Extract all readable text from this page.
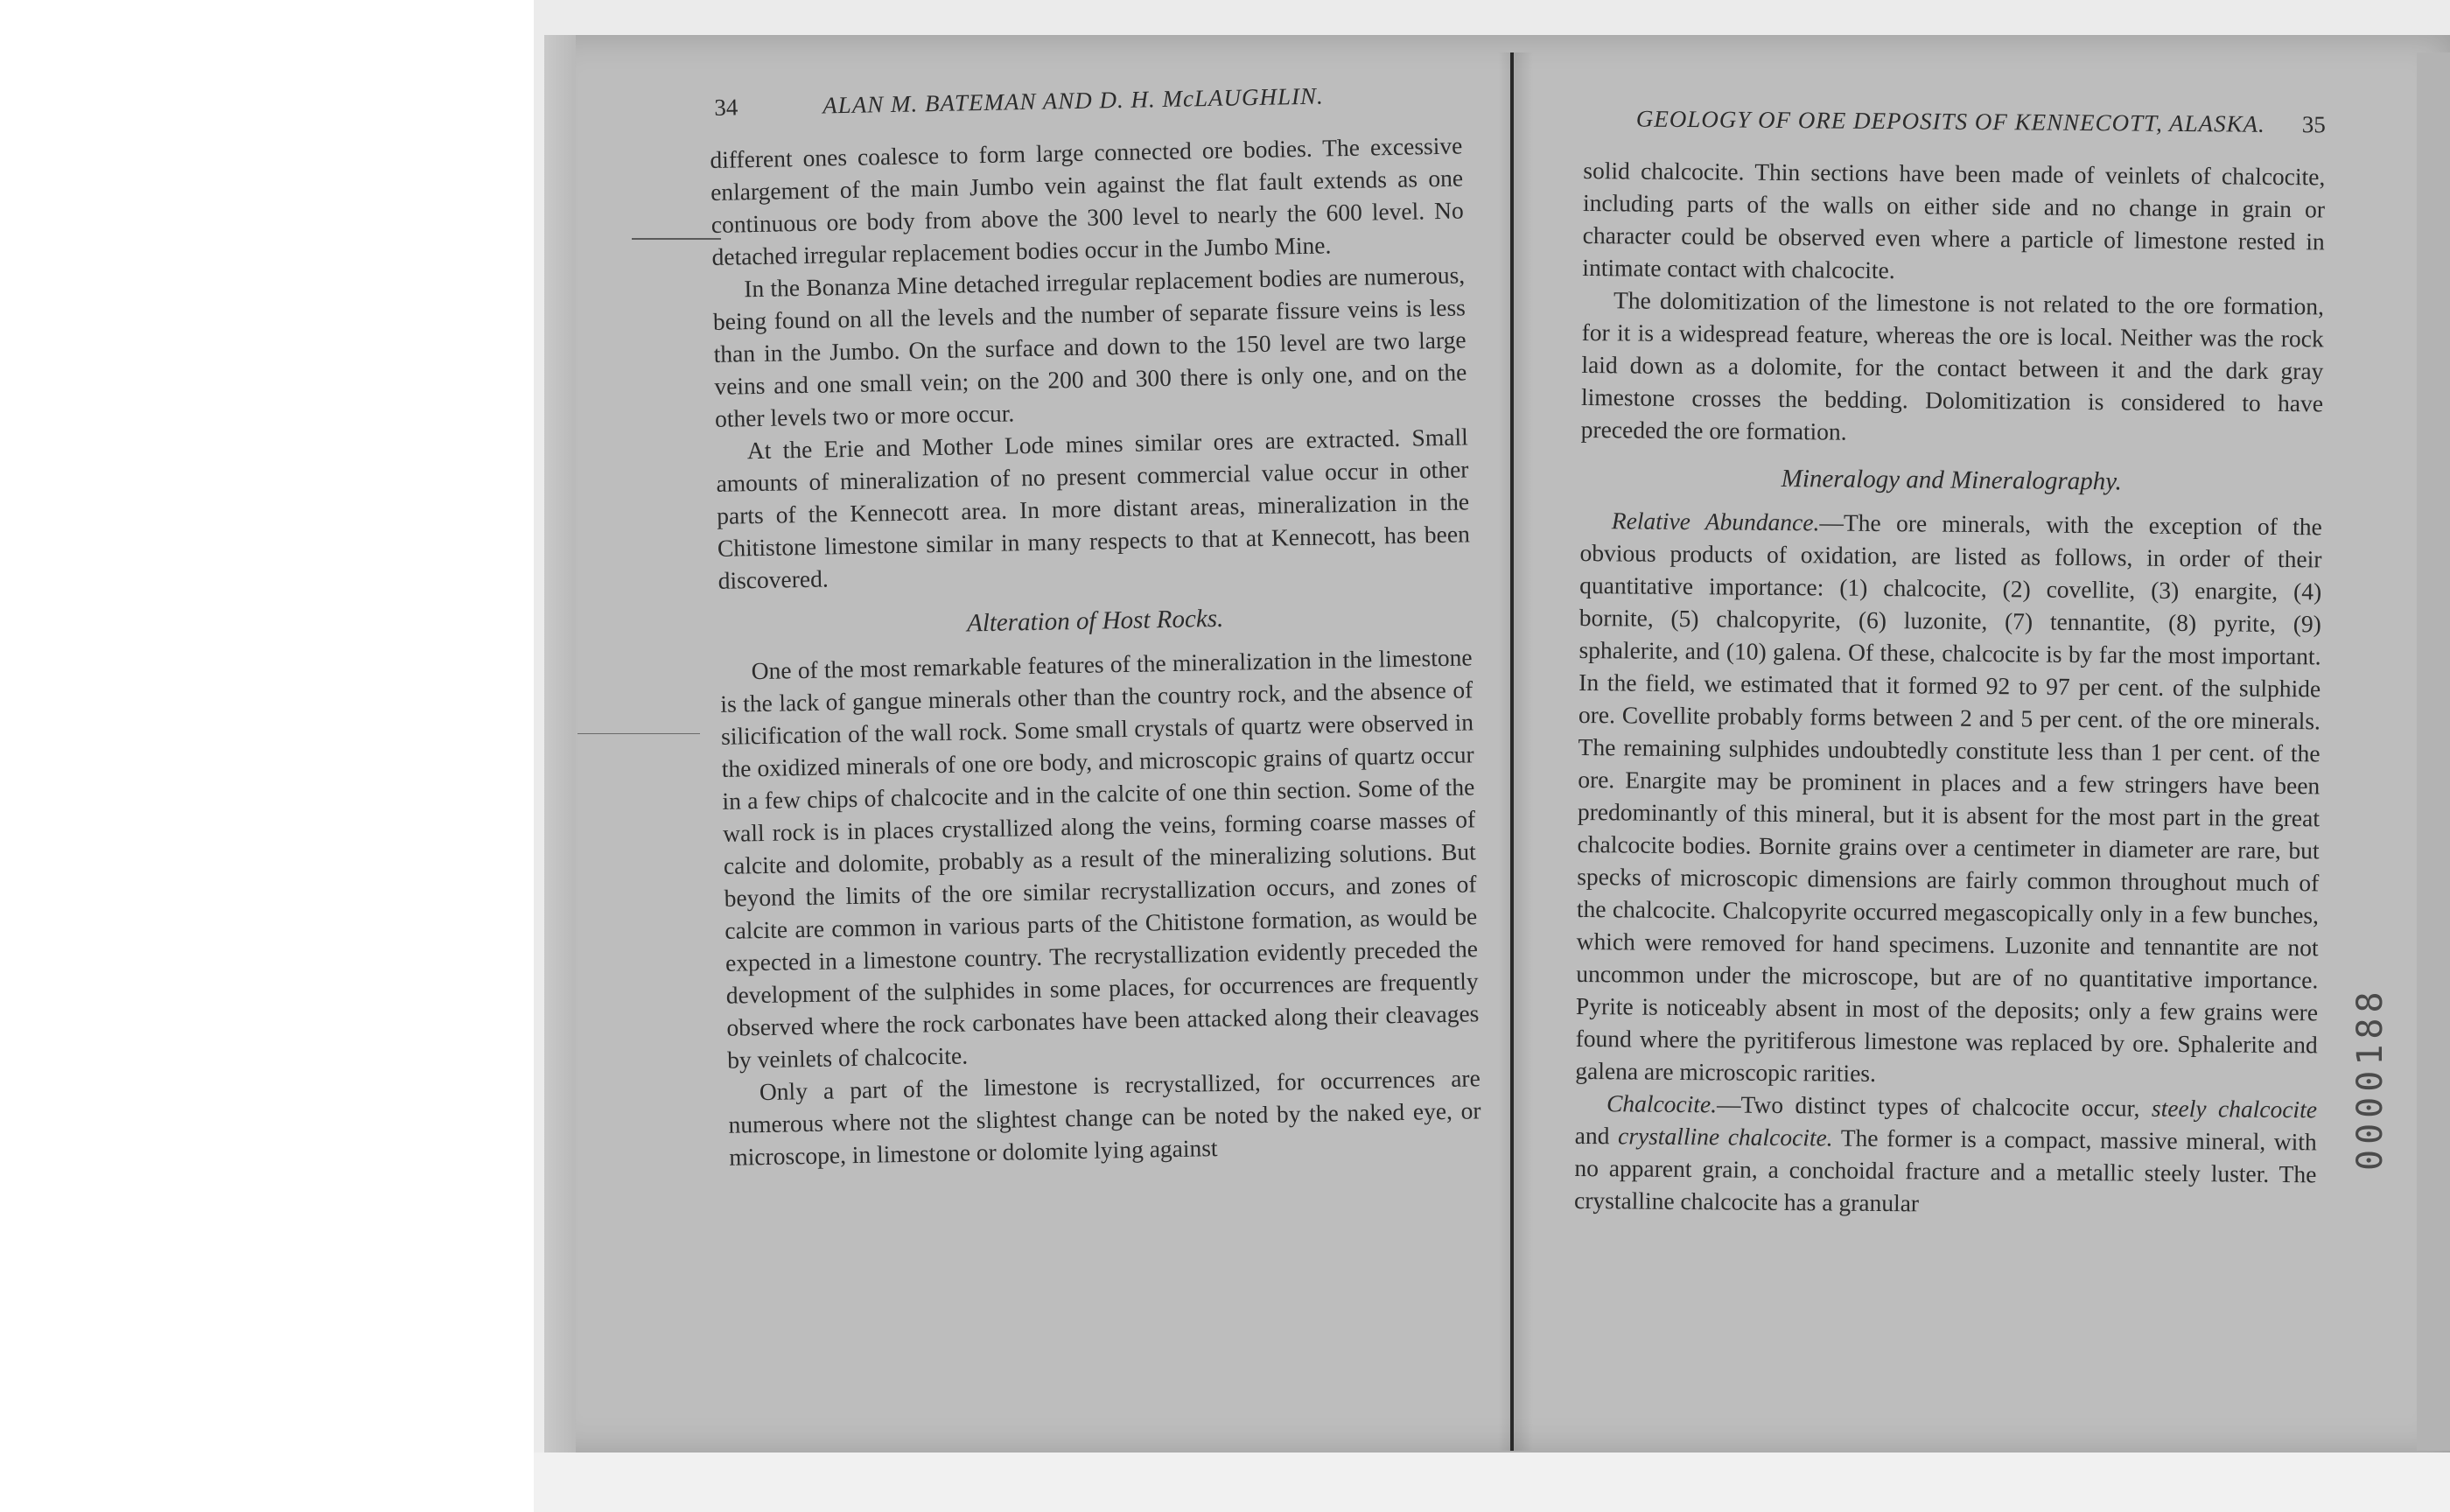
34	ALAN M. BATEMAN AND D. H. McLAUGHLIN.

different ones coalesce to form large connected ore bodies. The excessive enlargement of the main Jumbo vein against the flat fault extends as one continuous ore body from above the 300 level to nearly the 600 level. No detached irregular replacement bodies occur in the Jumbo Mine.

In the Bonanza Mine detached irregular replacement bodies are numerous, being found on all the levels and the number of separate fissure veins is less than in the Jumbo. On the surface and down to the 150 level are two large veins and one small vein; on the 200 and 300 there is only one, and on the other levels two or more occur.

At the Erie and Mother Lode mines similar ores are extracted. Small amounts of mineralization of no present commercial value occur in other parts of the Kennecott area. In more distant areas, mineralization in the Chitistone limestone similar in many respects to that at Kennecott, has been discovered.

Alteration of Host Rocks.

One of the most remarkable features of the mineralization in the limestone is the lack of gangue minerals other than the country rock, and the absence of silicification of the wall rock. Some small crystals of quartz were observed in the oxidized minerals of one ore body, and microscopic grains of quartz occur in a few chips of chalcocite and in the calcite of one thin section. Some of the wall rock is in places crystallized along the veins, forming coarse masses of calcite and dolomite, probably as a result of the mineralizing solutions. But beyond the limits of the ore similar recrystallization occurs, and zones of calcite are common in various parts of the Chitistone formation, as would be expected in a limestone country. The recrystallization evidently preceded the development of the sulphides in some places, for occurrences are frequently observed where the rock carbonates have been attacked along their cleavages by veinlets of chalcocite.

Only a part of the limestone is recrystallized, for occurrences are numerous where not the slightest change can be noted by the naked eye, or microscope, in limestone or dolomite lying against

GEOLOGY OF ORE DEPOSITS OF KENNECOTT, ALASKA. 35

solid chalcocite. Thin sections have been made of veinlets of chalcocite, including parts of the walls on either side and no change in grain or character could be observed even where a particle of limestone rested in intimate contact with chalcocite.

The dolomitization of the limestone is not related to the ore formation, for it is a widespread feature, whereas the ore is local. Neither was the rock laid down as a dolomite, for the contact between it and the dark gray limestone crosses the bedding. Dolomitization is considered to have preceded the ore formation.

Mineralogy and Mineralography.

Relative Abundance.—The ore minerals, with the exception of the obvious products of oxidation, are listed as follows, in order of their quantitative importance: (1) chalcocite, (2) covellite, (3) enargite, (4) bornite, (5) chalcopyrite, (6) luzonite, (7) tennantite, (8) pyrite, (9) sphalerite, and (10) galena. Of these, chalcocite is by far the most important. In the field, we estimated that it formed 92 to 97 per cent. of the sulphide ore. Covellite probably forms between 2 and 5 per cent. of the ore minerals. The remaining sulphides undoubtedly constitute less than 1 per cent. of the ore. Enargite may be prominent in places and a few stringers have been predominantly of this mineral, but it is absent for the most part in the great chalcocite bodies. Bornite grains over a centimeter in diameter are rare, but specks of microscopic dimensions are fairly common throughout much of the chalcocite. Chalcopyrite occurred megascopically only in a few bunches, which were removed for hand specimens. Luzonite and tennantite are not uncommon under the microscope, but are of no quantitative importance. Pyrite is noticeably absent in most of the deposits; only a few grains were found where the pyritiferous limestone was replaced by ore. Sphalerite and galena are microscopic rarities.

Chalcocite.—Two distinct types of chalcocite occur, steely chalcocite and crystalline chalcocite. The former is a compact, massive mineral, with no apparent grain, a conchoidal fracture and a metallic steely luster. The crystalline chalcocite has a granular

0000188
